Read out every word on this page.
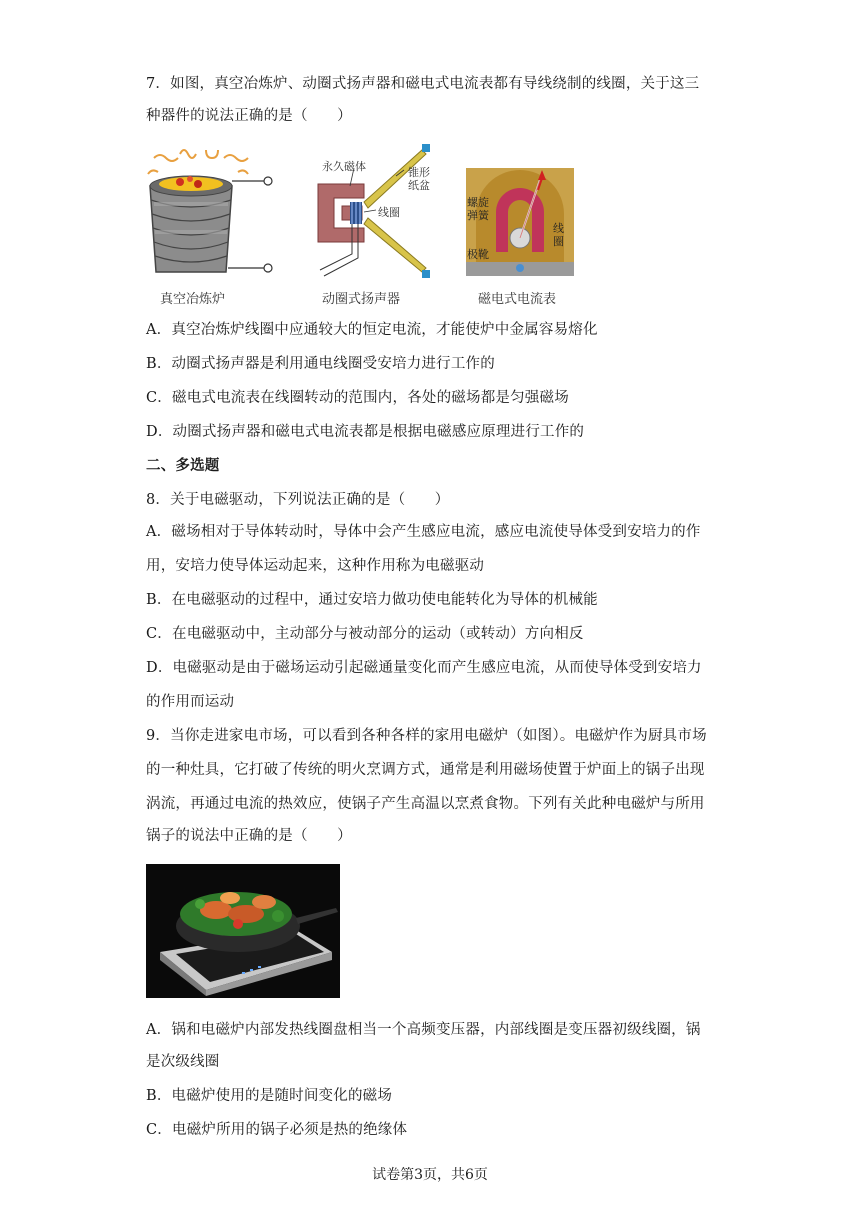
7．如图，真空冶炼炉、动圈式扬声器和磁电式电流表都有导线绕制的线圈，关于这三
种器件的说法正确的是（　　）
真空冶炼炉
永久磁体	锥形
纸盆
线圈
动圈式扬声器
螺旋
弹簧
极靴
线
圈
磁电式电流表
A．真空冶炼炉线圈中应通较大的恒定电流，才能使炉中金属容易熔化
B．动圈式扬声器是利用通电线圈受安培力进行工作的
C．磁电式电流表在线圈转动的范围内，各处的磁场都是匀强磁场
D．动圈式扬声器和磁电式电流表都是根据电磁感应原理进行工作的
二、多选题
8．关于电磁驱动，下列说法正确的是（　　）
A．磁场相对于导体转动时，导体中会产生感应电流，感应电流使导体受到安培力的作
用，安培力使导体运动起来，这种作用称为电磁驱动
B．在电磁驱动的过程中，通过安培力做功使电能转化为导体的机械能
C．在电磁驱动中，主动部分与被动部分的运动（或转动）方向相反
D．电磁驱动是由于磁场运动引起磁通量变化而产生感应电流，从而使导体受到安培力
的作用而运动
9．当你走进家电市场，可以看到各种各样的家用电磁炉（如图）。电磁炉作为厨具市场
的一种灶具，它打破了传统的明火烹调方式，通常是利用磁场使置于炉面上的锅子出现
涡流，再通过电流的热效应，使锅子产生高温以烹煮食物。下列有关此种电磁炉与所用
锅子的说法中正确的是（　　）
A．锅和电磁炉内部发热线圈盘相当一个高频变压器，内部线圈是变压器初级线圈，锅
是次级线圈
B．电磁炉使用的是随时间变化的磁场
C．电磁炉所用的锅子必须是热的绝缘体
试卷第3页，共6页
